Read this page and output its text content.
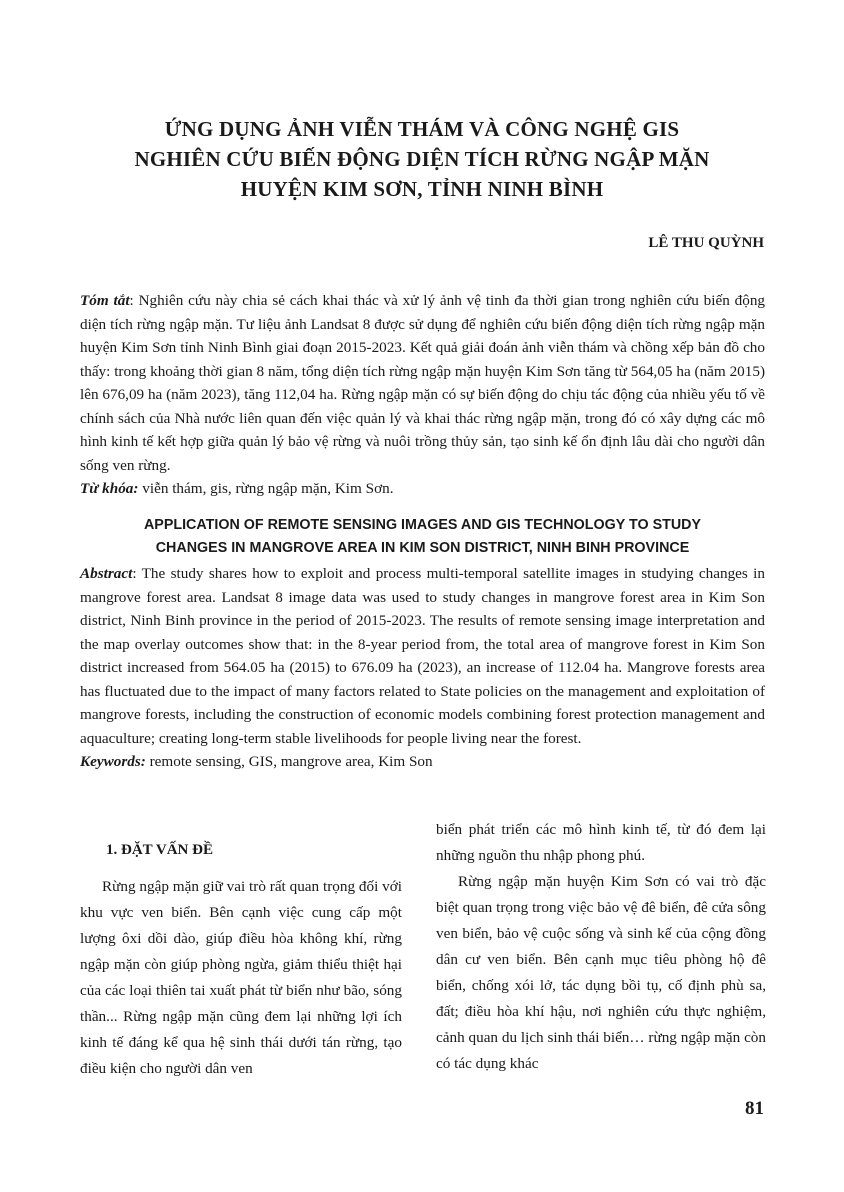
ỨNG DỤNG ẢNH VIỄN THÁM VÀ CÔNG NGHỆ GIS
NGHIÊN CỨU BIẾN ĐỘNG DIỆN TÍCH RỪNG NGẬP MẶN
HUYỆN KIM SƠN, TỈNH NINH BÌNH
LÊ THU QUỲNH

Tóm tắt: Nghiên cứu này chia sẻ cách khai thác và xử lý ảnh vệ tinh đa thời gian trong nghiên cứu biến động diện tích rừng ngập mặn. Tư liệu ảnh Landsat 8 được sử dụng để nghiên cứu biến động diện tích rừng ngập mặn huyện Kim Sơn tỉnh Ninh Bình giai đoạn 2015-2023. Kết quả giải đoán ảnh viễn thám và chồng xếp bản đồ cho thấy: trong khoảng thời gian 8 năm, tổng diện tích rừng ngập mặn huyện Kim Sơn tăng từ 564,05 ha (năm 2015) lên 676,09 ha (năm 2023), tăng 112,04 ha. Rừng ngập mặn có sự biến động do chịu tác động của nhiều yếu tố về chính sách của Nhà nước liên quan đến việc quản lý và khai thác rừng ngập mặn, trong đó có xây dựng các mô hình kinh tế kết hợp giữa quản lý bảo vệ rừng và nuôi trồng thủy sản, tạo sinh kế ổn định lâu dài cho người dân sống ven rừng.

Từ khóa: viễn thám, gis, rừng ngập mặn, Kim Sơn.

APPLICATION OF REMOTE SENSING IMAGES AND GIS TECHNOLOGY TO STUDY
CHANGES IN MANGROVE AREA IN KIM SON DISTRICT, NINH BINH PROVINCE

Abstract: The study shares how to exploit and process multi-temporal satellite images in studying changes in mangrove forest area. Landsat 8 image data was used to study changes in mangrove forest area in Kim Son district, Ninh Binh province in the period of 2015-2023. The results of remote sensing image interpretation and the map overlay outcomes show that: in the 8-year period from, the total area of mangrove forest in Kim Son district increased from 564.05 ha (2015) to 676.09 ha (2023), an increase of 112.04 ha. Mangrove forests area has fluctuated due to the impact of many factors related to State policies on the management and exploitation of mangrove forests, including the construction of economic models combining forest protection management and aquaculture; creating long-term stable livelihoods for people living near the forest.

Keywords: remote sensing, GIS, mangrove area, Kim Son

1. ĐẶT VẤN ĐỀ

Rừng ngập mặn giữ vai trò rất quan trọng đối với khu vực ven biển. Bên cạnh việc cung cấp một lượng ôxi dồi dào, giúp điều hòa không khí, rừng ngập mặn còn giúp phòng ngừa, giảm thiểu thiệt hại của các loại thiên tai xuất phát từ biển như bão, sóng thần... Rừng ngập mặn cũng đem lại những lợi ích kinh tế đáng kể qua hệ sinh thái dưới tán rừng, tạo điều kiện cho người dân ven

biển phát triển các mô hình kinh tế, từ đó đem lại những nguồn thu nhập phong phú.

Rừng ngập mặn huyện Kim Sơn có vai trò đặc biệt quan trọng trong việc bảo vệ đê biển, đê cửa sông ven biển, bảo vệ cuộc sống và sinh kế của cộng đồng dân cư ven biển. Bên cạnh mục tiêu phòng hộ đê biển, chống xói lở, tác dụng bồi tụ, cố định phù sa, đất; điều hòa khí hậu, nơi nghiên cứu thực nghiệm, cảnh quan du lịch sinh thái biển… rừng ngập mặn còn có tác dụng khác

81
